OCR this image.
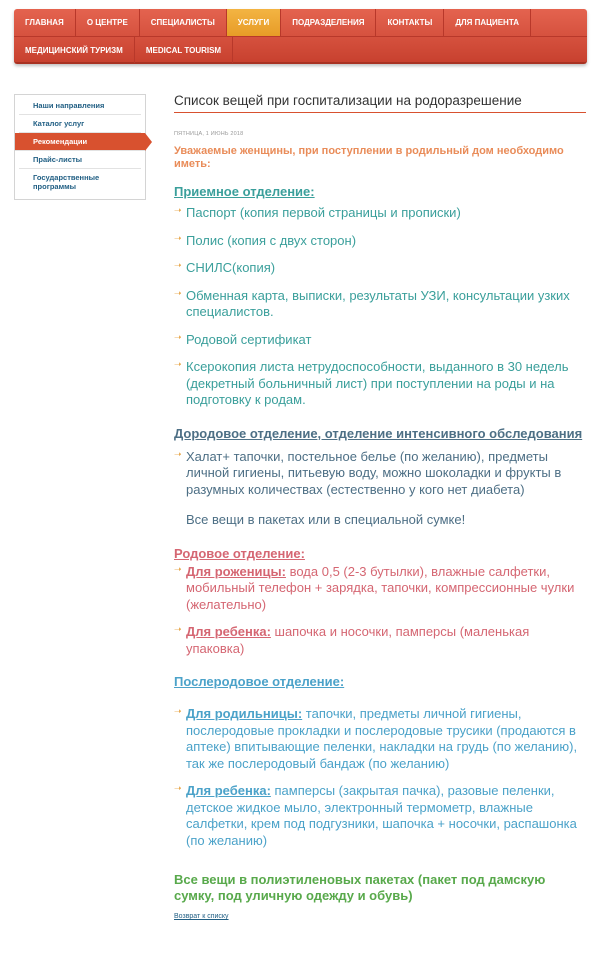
ГЛАВНАЯ	О ЦЕНТРЕ	СПЕЦИАЛИСТЫ	УСЛУГИ	ПОДРАЗДЕЛЕНИЯ	КОНТАКТЫ	ДЛЯ ПАЦИЕНТА
МЕДИЦИНСКИЙ ТУРИЗМ	MEDICAL TOURISM
Наши направления
Каталог услуг
Рекомендации
Прайс-листы
Государственные программы
Список вещей при госпитализации на родоразрешение
ПЯТНИЦА, 1 ИЮНЬ 2018
Уважаемые женщины, при поступлении в родильный дом необходимо иметь:
Приемное отделение:
➝ Паспорт (копия первой страницы и прописки)
➝ Полис (копия с двух сторон)
➝ СНИЛС(копия)
➝ Обменная карта, выписки, результаты УЗИ, консультации узких специалистов.
➝ Родовой сертификат
➝ Ксерокопия листа нетрудоспособности, выданного в 30 недель (декретный больничный лист) при поступлении на роды и на подготовку к родам.
Дородовое отделение, отделение интенсивного обследования
➝ Халат+ тапочки, постельное белье (по желанию), предметы личной гигиены, питьевую воду, можно шоколадки и фрукты в разумных количествах (естественно у кого нет диабета)
Все вещи в пакетах или в специальной сумке!
Родовое отделение:
➝ Для роженицы: вода 0,5 (2-3 бутылки), влажные салфетки, мобильный телефон + зарядка, тапочки, компрессионные чулки (желательно)
➝ Для ребенка: шапочка и носочки, памперсы (маленькая упаковка)
Послеродовое отделение:
➝ Для родильницы: тапочки, предметы личной гигиены, послеродовые прокладки и послеродовые трусики (продаются в аптеке) впитывающие пеленки, накладки на грудь (по желанию), так же послеродовый бандаж (по желанию)
➝ Для ребенка: памперсы (закрытая пачка), разовые пеленки, детское жидкое мыло, электронный термометр, влажные салфетки, крем под подгузники, шапочка + носочки, распашонка (по желанию)
Все вещи в полиэтиленовых пакетах (пакет под дамскую сумку, под уличную одежду и обувь)
Возврат к списку
